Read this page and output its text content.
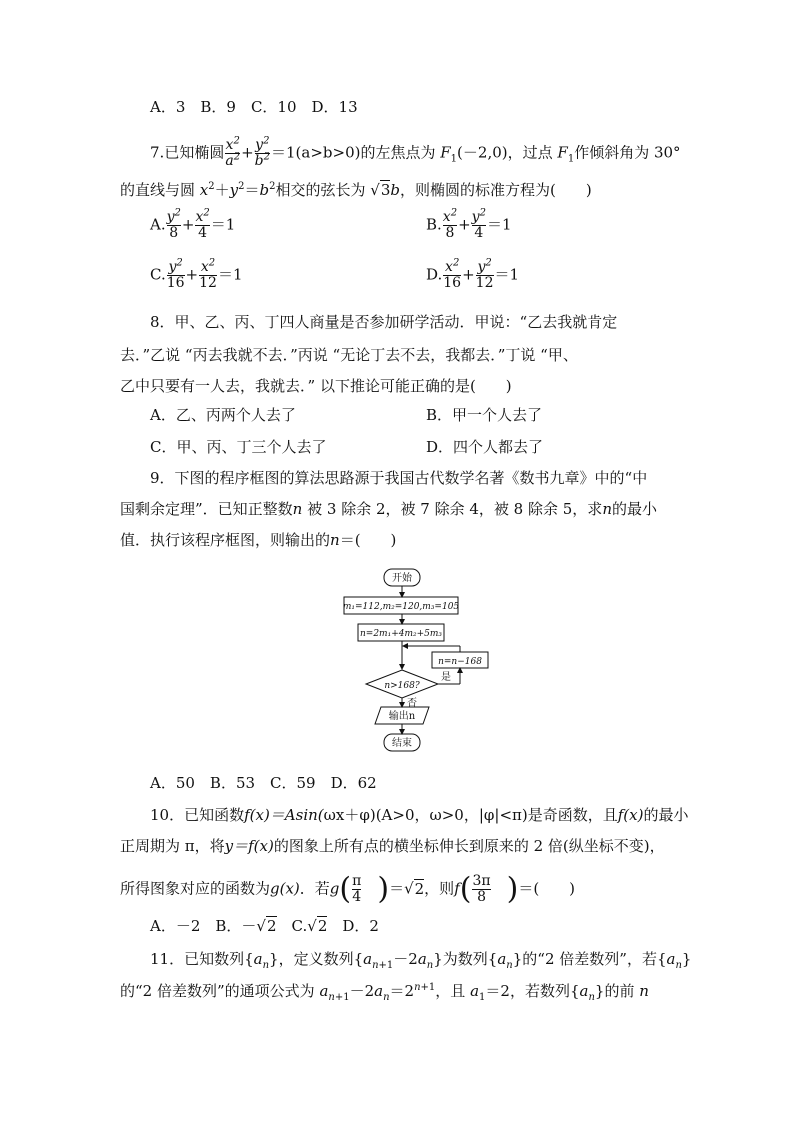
A．3　B．9　C．10　D．13
7.已知椭圆 $\frac{x^2}{a^2} + \frac{y^2}{b^2} =1(a>b>0)$的左焦点为 $F_1(-2,0)$，过点 $F_1$作倾斜角为 30°
的直线与圆 $x^2+y^2=b^2$相交的弦长为 √3b，则椭圆的标准方程为(　　)
A. $\frac{y^2}{8} + \frac{x^2}{4} =1$	B. $\frac{x^2}{8} + \frac{y^2}{4} =1$
C. $\frac{y^2}{16} + \frac{x^2}{12} =1$	D. $\frac{x^2}{16} + \frac{y^2}{12} =1$
8．甲、乙、丙、丁四人商量是否参加研学活动．甲说：“乙去我就肯定
去．”乙说 “丙去我就不去．”丙说 “无论丁去不去，我都去．”丁说 “甲、
乙中只要有一人去，我就去．” 以下推论可能正确的是(　　)
A．乙、丙两个人去了	B．甲一个人去了
C．甲、丙、丁三个人去了	D．四个人都去了
9．下图的程序框图的算法思路源于我国古代数学名著《数书九章》中的“中
国剩余定理”．已知正整数n 被 3 除余 2，被 7 除余 4，被 8 除余 5，求n的最小
值．执行该程序框图，则输出的n＝(　　)
开始
m₁=112,m₂=120,m₃=105
n=2m₁+4m₂+5m₃
n=n−168
n>168?
是
否
输出n
结束
A．50　B．53　C．59　D．62
10．已知函数f(x)＝Asin(ωx＋φ)(A>0，ω>0，|φ|<π)是奇函数，且f(x)的最小
正周期为 π，将y＝f(x)的图象上所有点的横坐标伸长到原来的 2 倍(纵坐标不变)，
所得图象对应的函数为g(x)．若$g( \frac{\pi}{4}$
　 )＝√2，则$f( \frac{3\pi}{8}$
　 )＝(　　)
A．－2　B．－√2　 C.√2　 D．2
11．已知数列$\{a_n\}$，定义数列$\{a_{n+1}-2a_n\}$为数列$\{a_n\}$的“2 倍差数列”，若$\{a_n\}$
的“2 倍差数列”的通项公式为 $a_{n+1}-2a_n=2^{n+1}$，且 $a_1=2$，若数列$\{a_n\}$的前 n
